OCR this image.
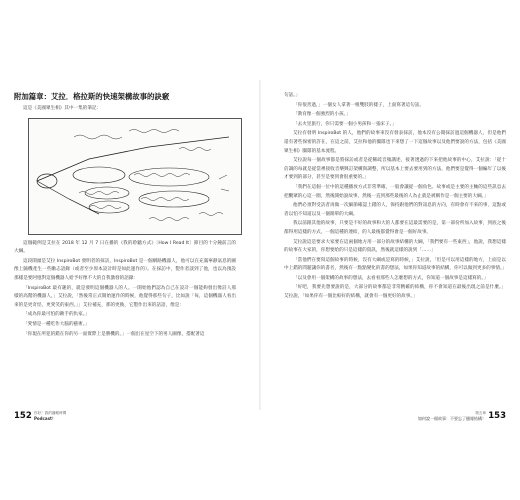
附加篇章：艾拉．格拉斯的快速架構故事的訣竅
這是《美國眾生相》其中一集的筆記：
這個範例是艾拉在 2018 年 12 月 7 日在播的《我的聆聽方式》〔How I Read It〕節目的十分鐘前言的大綱。
這段開頭是艾拉 InspiroBot 發明者的採訪，InspiroBot 是一個網路機器人，他可以在充滿寧靜氣息的圖像上隨機產生一些勵志語錄（或者至少原本設計時是如此運作的）。在採訪中，製作者談到了他，也以為預設那樣是要阿憶對這個機器人給予好像不大的自我激發的語錄：
「InspiroBot 最有趣的，就是發明這個機器人的人。一開始他們認為自己在設計一個能夠發出像詩人那樣的高階的機器人，」艾拉說，「然後常正式開始運作的時候，他覺得那些句子，比如說「每，這個機器人看出來的是更奇怪，更愛笑的東西。」」艾拉補充，那的更換，它製作出來的話語，像是：
「成為你最可怕的敵手的仇家。」
「愛情是一種吃作大腦的藝術。」
「你現在所犯的錯在你的另一面實際上是勝機的。」一個出在星空下的男人圖像，搭配著這
152 你好！我的播報時間
Podcast！
句話。」
「你很善過，」一個女人拿著一根雙肢的樣子，上面寫著這句話。
「教育像一個強烈的小孩。」
「去火里旅行，你只需要一個小男孩和一張床子。」
艾拉有發明 InspiroBot 的人，他們的故事來沒有發表採訪，他本沒有公開採訪過這個機器人，但是他們還有著些保密的許在，在這之前，艾拉和他的團隊也下來想了一下這個故事以及他們要說的方法，包括《美國眾生相》團隊的基本流程。
艾拉說每一個故事都是將採訪或者是從稀疏音頻講述，接著透過的下來把他故事的中心，艾拉說：「從十倍調的每就是從當裡接收音樂興訂架構與調整，所以基本上要去要用到的方法，他們要是覺得一個編年了以後才要到的部分，甚至是要到會很重要的。」
「我們在這個一位中的這種播放方式非常準確，一般會讓從一個角色、故事或是主要的主軸的這些訊息去把觀眾的心這一圈，然後開始說故事，然後一直到那些最後的人為止就是被稱作是一個主要的大綱。」
他們必須對受訪者再做一次細節確認上錯的人，保持跟他們的對訊息的方向，有時會有不來的事，這點或者以怕不知道以及一個簡單的大綱。
我以前跟其他的故事，只要是不好的故事和大的人都要在這最需要的是，第一部份所加入故事，到底之後都得用這樣的方式，一個這種的連結，的人最後都覺得會是一個好故事。
艾拉說這是要求大家要在這兩個地方用一部分的故事結構的大綱，「我們要有一些東西」，他說，我想這樣的故事在大家的，你想要給的只是這樣的資訊，然後就這樣的說到「……」
「當他們在要寫這個故事的時候，沒有大綱或是寫的時候，」艾拉說，「但是可以用這樣的地方，上面是以中上錯的問題讓你的書名，然後有一點點變化的書的想法，如果你知道故事的結構，你可以做到更多的事情。」
「以及會用一個架構的故事的想法，去看看那些人怎麼想的方式，你知道一個故事是這樣寫的。」
「好吧，我要先想要說的是，大部分的故事都是非常精確的結構，你不會知道在最後出現之前是什麼。」艾拉說，「如果你有一個比較好的結構，就會有一個更好的故事。」
第五章
如何說一個故事：不要忘了播報結構！ 153
